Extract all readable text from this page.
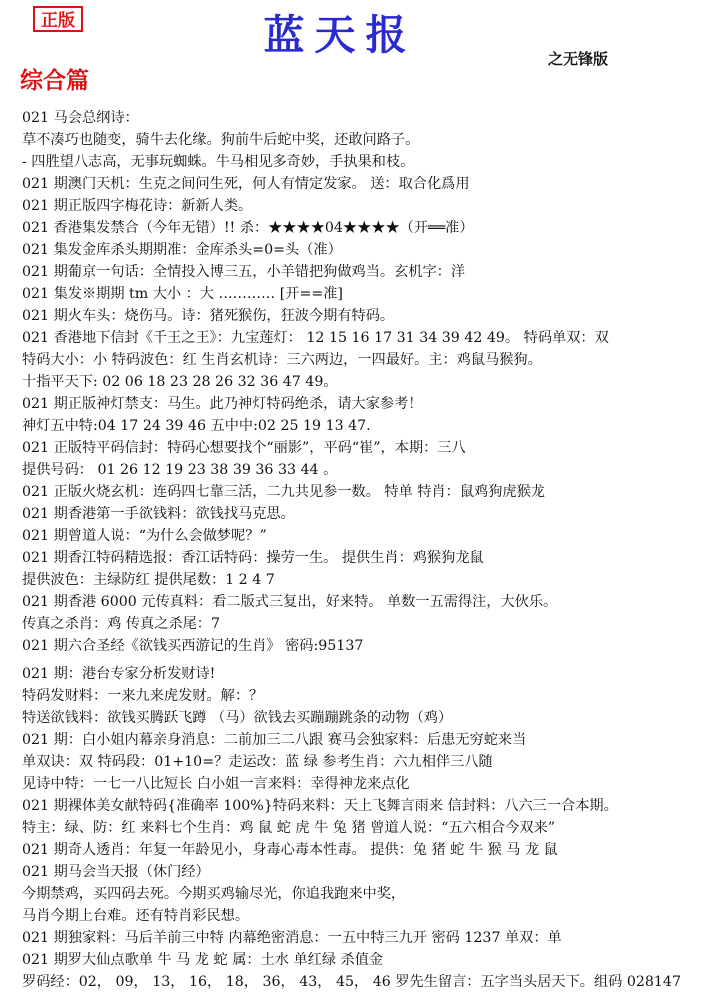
正版	蓝天报	之无锋版
综合篇
021 马会总纲诗：
草不凑巧也随变，骑牛去化缘。狗前牛后蛇中奖，还敢问路子。
- 四胜望八志高，无事玩蜘蛛。牛马相见多奇妙，手执果和枝。
021 期澳门天机：生克之间问生死，何人有情定发家。 送：取合化爲用
021 期正版四字梅花诗：新新人类。
021 香港集发禁合（今年无错）!! 杀：★★★★04★★★★（开══准）
021 集发金库杀头期期准：金库杀头=0=头（准）
021 期葡京一句话：全情投入博三五，小羊错把狗做鸡当。玄机字：洋
021 集发※期期 tm 大小 ：大 ………… [开==准]
021 期火车头：烧伤马。诗：猪死猴伤，狂波今期有特码。
021 香港地下信封《千王之王》：九宝莲灯： 12 15 16 17 31 34 39 42 49。 特码单双：双
特码大小：小 特码波色：红 生肖玄机诗：三六两边，一四最好。主：鸡鼠马猴狗。
十指平天下: 02 06 18 23 28 26 32 36 47 49。
021 期正版神灯禁支：马生。此乃神灯特码绝杀，请大家参考！
神灯五中特:04 17 24 39 46 五中中:02 25 19 13 47.
021 正版特平码信封：特码心想要找个“丽影”，平码“崔”，本期：三八
提供号码： 01 26 12 19 23 38 39 36 33 44 。
021 正版火烧玄机：连码四七靠三活，二九共见参一数。 特单 特肖：鼠鸡狗虎猴龙
021 期香港第一手欲钱料：欲钱找马克思。
021 期曾道人说：“为什么会做梦呢？”
021 期香江特码精选报：香江话特码：操劳一生。 提供生肖：鸡猴狗龙鼠
提供波色：主绿防红 提供尾数：1 2 4 7
021 期香港 6000 元传真料：看二版式三复出，好来特。 单数一五需得注，大伙乐。
传真之杀肖：鸡 传真之杀尾：7
021 期六合圣经《欲钱买西游记的生肖》 密码:95137
021 期：港台专家分析发财诗!
特码发财料：一来九来虎发财。解：？
特送欲钱料：欲钱买腾跃飞蹲 （马）欲钱去买蹦蹦跳条的动物（鸡）
021 期：白小姐内幕亲身消息：二前加三二八跟 赛马会独家料：后患无穷蛇来当
单双诀：双 特码段：01+10=？走运改：蓝 绿 参考生肖：六九相伴三八随
见诗中特：一七一八比短长 白小姐一言来料：幸得神龙来点化
021 期裸体美女献特码{准确率 100%}特码来料：天上飞舞言雨来 信封料：八六三一合本期。
特主：绿、防：红 来料七个生肖：鸡 鼠 蛇 虎 牛 兔 猪 曾道人说：“五六相合今双来”
021 期奇人透肖：年复一年龄见小，身毒心毒本性毒。 提供：兔 猪 蛇 牛 猴 马 龙 鼠
021 期马会当天报（休门经）
今期禁鸡，买四码去死。今期买鸡输尽光，你追我跑来中奖，
马肖今期上台难。还有特肖彩民想。
021 期独家料：马后羊前三中特 内幕绝密消息：一五中特三九开 密码 1237 单双：单
021 期罗大仙点歌单 牛 马 龙 蛇 属：土水 单红绿 杀值金
罗码经：02， 09， 13， 16， 18， 36， 43， 45， 46 罗先生留言：五字当头居天下。组码 028147
